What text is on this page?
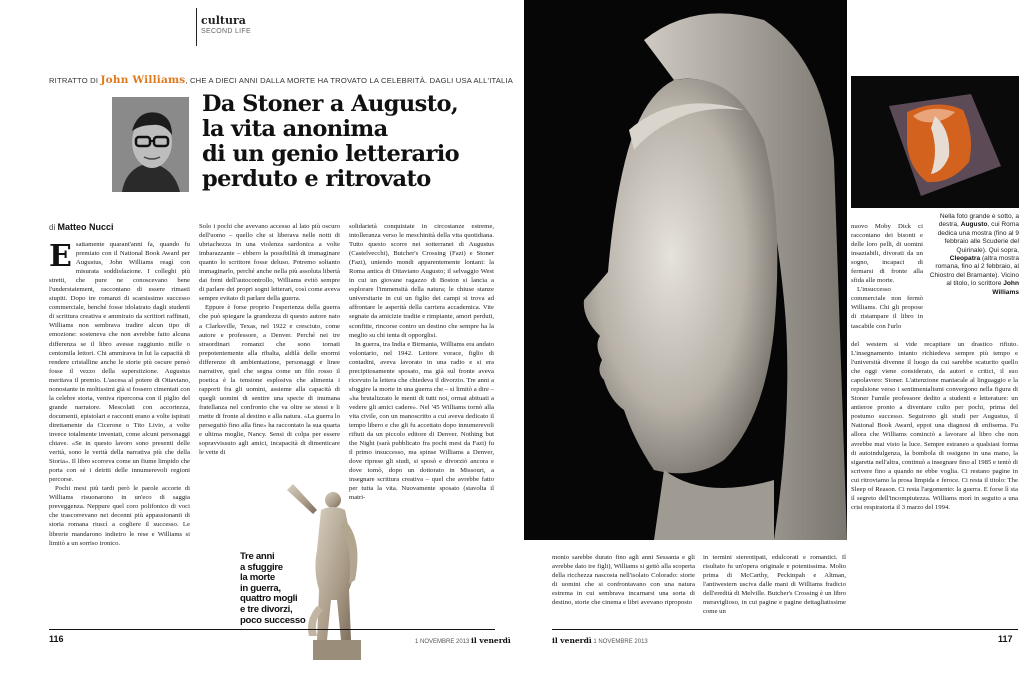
cultura
SECOND LIFE
RITRATTO DI John Williams, CHE A DIECI ANNI DALLA MORTE HA TROVATO LA CELEBRITÀ. DAGLI USA ALL'ITALIA
Da Stoner a Augusto,
la vita anonima
di un genio letterario
perduto e ritrovato
di Matteo Nucci

Esattamente quarant'anni fa, quando fu premiato con il National Book Award per Augustus, John Williams reagì con misurata soddisfazione. I colleghi più stretti, che pure ne conoscevano bene l'understatement, raccontano di essere rimasti stupiti. Dopo tre romanzi di scarsissimo successo commerciale, benché fosse idolatrato dagli studenti di scrittura creativa e ammirato da scrittori raffinati, Williams non sembrava tradire alcun tipo di emozione: sosteneva che non avrebbe fatto alcuna differenza se il libro avesse raggiunto mille o centomila lettori. Chi ammirava in lui la capacità di rendere cristalline anche le storie più oscure pensò fosse il vezzo della superstizione. Augustus meritava il premio. L'ascesa al potere di Ottaviano, nonostante in moltissimi già si fossero cimentati con la celebre storia, veniva ripercorsa con il piglio del grande narratore. Mescolati con accortezza, documenti, epistolari e racconti erano a volte ispirati direttamente da Cicerone o Tito Livio, a volte invece totalmente inventati, come alcuni personaggi chiave. «Se in questo lavoro sono presenti delle verità, sono le verità della narrativa più che della Storia». Il libro scorreva come un fiume limpido che porta con sé i detriti delle innumerevoli regioni percorse.

Pochi mesi più tardi però le parole accorte di Williams risuonarono in un'eco di saggia preveggenza. Neppure quel coro polifonico di voci che trascorrevano nei decenni più appassionanti di storia romana riuscì a cogliere il successo. Le librerie mandarono indietro le rese e Williams si limitò a un sorriso ironico.

Solo i pochi che avevano accesso al lato più oscuro dell'uomo – quello che si liberava nelle notti di ubriachezza in una violenza sardonica a volte imbarazzante – ebbero la possibilità di immaginare quanto lo scrittore fosse deluso. Potremo soltanto immaginarlo, perché anche nella più assoluta libertà dai freni dell'autocontrollo, Williams evitò sempre di parlare dei propri sogni letterari, così come aveva sempre evitato di parlare della guerra.

Eppure è forse proprio l'esperienza della guerra che può spiegare la grandezza di questo autore nato a Clarksville, Texas, nel 1922 e cresciuto, come autore e professore, a Denver. Perché nei tre straordinari romanzi che sono tornati prepotentemente alla ribalta, aldilà delle enormi differenze di ambientazione, personaggi e linee narrative, quel che segna come un filo rosso il poetica è la tensione esplosiva che alimenta i rapporti fra gli uomini, assieme alla capacità di quegli uomini di sentire una specie di inumana fratellanza nel confronto che va oltre se stessi e li mette di fronte al destino e alla natura. «La guerra lo perseguitò fino alla fine» ha raccontato la sua quarta e ultima moglie, Nancy. Sensi di colpa per essere sopravvissuto agli amici, incapacità di dimenticare le vette di

solidarietà conquistate in circostanze estreme, intolleranza verso le meschinità della vita quotidiana. Tutto questo scorre nei sotterranei di Augustus (Castelvecchi), Butcher's Crossing (Fazi) e Stoner (Fazi), uniendo mondi apparentemente lontani: la Roma antica di Ottaviano Augusto; il selvaggio West in cui un giovane ragazzo di Boston si lancia a esplorare l'immensità della natura; le chiuse stanze universitarie in cui un figlio dei campi si trova ad affrontare le asperità della carriera accademica. Vite segnate da amicizie tradite e rimpiante, amori perduti, sconfitte, rincorse contro un destino che sempre ha la meglio su chi tenta di opporglisi.

In guerra, tra India e Birmania, Williams era andato volontario, nel 1942. Lettore vorace, figlio di contadini, aveva lavorato in una radio e si era precipitosamente sposato, ma già sul fronte aveva ricevuto la lettera che chiedeva il divorzio. Tre anni a sfuggire la morte in una guerra che – si limitò a dire – «ha brutalizzato le menti di tutti noi, ormai abituati a vedere gli amici cadere». Nel '45 Williams tornò alla vita civile, con un manoscritto a cui aveva dedicato il tempo libero e che gli fu accettato dopo innumerevoli rifiuti da un piccolo editore di Denver. Nothing but the Night (sarà pubblicato fra pochi mesi da Fazi) fu il primo insuccesso, ma spinse Williams a Denver, dove riprese gli studi, si sposò e divorziò ancora e dove tornò, dopo un dottorato in Missouri, a insegnare scrittura creativa – quel che avrebbe fatto per tutta la vita. Nuovamente sposato (stavolta il matri-

Tre anni
a sfuggire
la morte
in guerra,
quattro mogli
e tre divorzi,
poco successo
116	1 NOVEMBRE 2013 il venerdì
Nella foto grande e sotto, a destra, Augusto, cui Roma dedica una mostra (fino al 9 febbraio alle Scuderie del Quirinale). Qui sopra, Cleopatra (altra mostra romana, fino al 2 febbraio, al Chiostro del Bramante). Vicino al titolo, lo scrittore John Williams

nuovo Moby Dick ci raccontano dei bisonti e delle loro pelli, di uomini insaziabili, divorati da un sogno, incapaci di fermarsi di fronte alla sfida alle morte.

L'insuccesso commerciale non fermò Williams. Chi gli propose di ristampare il libro in tascabile con l'urlo

del western si vide recapitare un drastico rifiuto. L'insegnamento intanto richiedeva sempre più tempo e l'università divenne il luogo da cui sarebbe scaturito quello che oggi viene considerato, da autori e critici, il suo capolavoro: Stoner. L'attenzione maniacale al linguaggio e la repulsione verso i sentimentalismi convergono nella figura di Stoner l'umile professore dedito a studenti e letterature: un antieroe pronto a diventare culto per pochi, prima del postumo successo. Seguirono gli studi per Augustus, il National Book Award, eppoi una diagnosi di enfisema. Fu allora che Williams cominciò a lavorare al libro che non avrebbe mai visto la luce. Sempre estraneo a qualsiasi forma di autoindulgenza, la bombola di ossigeno in una mano, la sigaretta nell'altra, continuò a insegnare fino al 1985 e tentò di scrivere fino a quando ne ebbe voglia. Ci restano pagine in cui ritroviamo la prosa limpida e feroce. Ci resta il titolo: The Sleep of Reason. Ci resta l'argomento: la guerra. E forse lì sta il segreto dell'incompiutezza. Williams morì in seguito a una crisi respiratoria il 3 marzo del 1994.

monio sarebbe durato fino agli anni Sessanta e gli avrebbe dato tre figli), Williams si gettò alla scoperta della ricchezza nascosta nell'isolato Colorado: storie di uomini che si confrontavano con una natura estrema in cui sembrava incarnarsi una sorta di destino, storie che cinema e libri avevano riproposto

in termini stereotipati, edulcorati e romantici. Il risultato fu un'opera originale e potentissima. Molto prima di McCarthy, Peckinpah e Altman, l'antiwestern usciva dalle mani di Williams fradicio dell'eredità di Melville. Butcher's Crossing è un libro meraviglioso, in cui pagine e pagine dettagliatissime come un

il venerdì 1 NOVEMBRE 2013	117
